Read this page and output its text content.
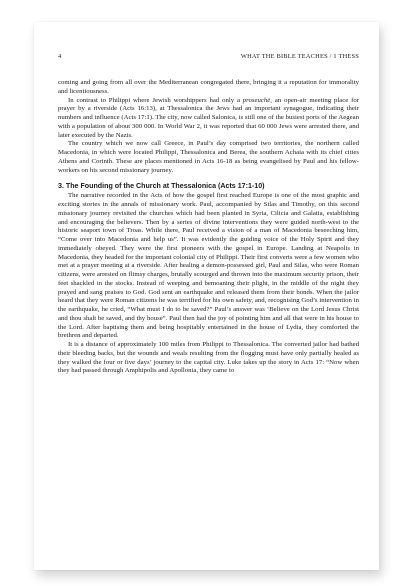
4	WHAT THE BIBLE TEACHES / 1 THESS

coming and going from all over the Mediterranean congregated there, bringing it a reputation for immorality and licentiousness.

In contrast to Philippi where Jewish worshippers had only a proseuchē, an open-air meeting place for prayer by a riverside (Acts 16:13), at Thessalonica the Jews had an important synagogue, indicating their numbers and influence (Acts 17:1). The city, now called Salonica, is still one of the busiest ports of the Aegean with a population of about 300 000. In World War 2, it was reported that 60 000 Jews were arrested there, and later executed by the Nazis.

The country which we now call Greece, in Paul’s day comprised two territories, the northern called Macedonia, in which were located Philippi, Thessalonica and Berea, the southern Achaia with its chief cities Athens and Corinth. These are places mentioned in Acts 16-18 as being evangelised by Paul and his fellow-workers on his second missionary journey.

3. The Founding of the Church at Thessalonica (Acts 17:1-10)

The narrative recorded in the Acts of how the gospel first reached Europe is one of the most graphic and exciting stories in the annals of missionary work. Paul, accompanied by Silas and Timothy, on this second missionary journey revisited the churches which had been planted in Syria, Cilicia and Galatia, establishing and encouraging the believers. Then by a series of divine interventions they were guided north-west to the historic seaport town of Troas. While there, Paul received a vision of a man of Macedonia beseeching him, “Come over into Macedonia and help us”. It was evidently the guiding voice of the Holy Spirit and they immediately obeyed. They were the first pioneers with the gospel in Europe. Landing at Neapolis in Macedonia, they headed for the important colonial city of Philippi. Their first converts were a few women who met at a prayer meeting at a riverside. After healing a demon-possessed girl, Paul and Silas, who were Roman citizens, were arrested on flimsy charges, brutally scourged and thrown into the maximum security prison, their feet shackled in the stocks. Instead of weeping and bemoaning their plight, in the middle of the night they prayed and sang praises to God. God sent an earthquake and released them from their bonds. When the jailor heard that they were Roman citizens he was terrified for his own safety, and, recognising God’s intervention in the earthquake, he cried, “What must I do to be saved?” Paul’s answer was ‘Believe on the Lord Jesus Christ and thou shalt be saved, and thy house”. Paul then had the joy of pointing him and all that were in his house to the Lord. After baptising them and being hospitably entertained in the house of Lydia, they comforted the brethren and departed.

It is a distance of approximately 100 miles from Philippi to Thessalonica. The converted jailor had bathed their bleeding backs, but the wounds and weals resulting from the flogging must have only partially healed as they walked the four or five days’ journey to the capital city. Luke takes up the story in Acts 17: “Now when they had passed through Amphipolis and Apollonia, they came to
